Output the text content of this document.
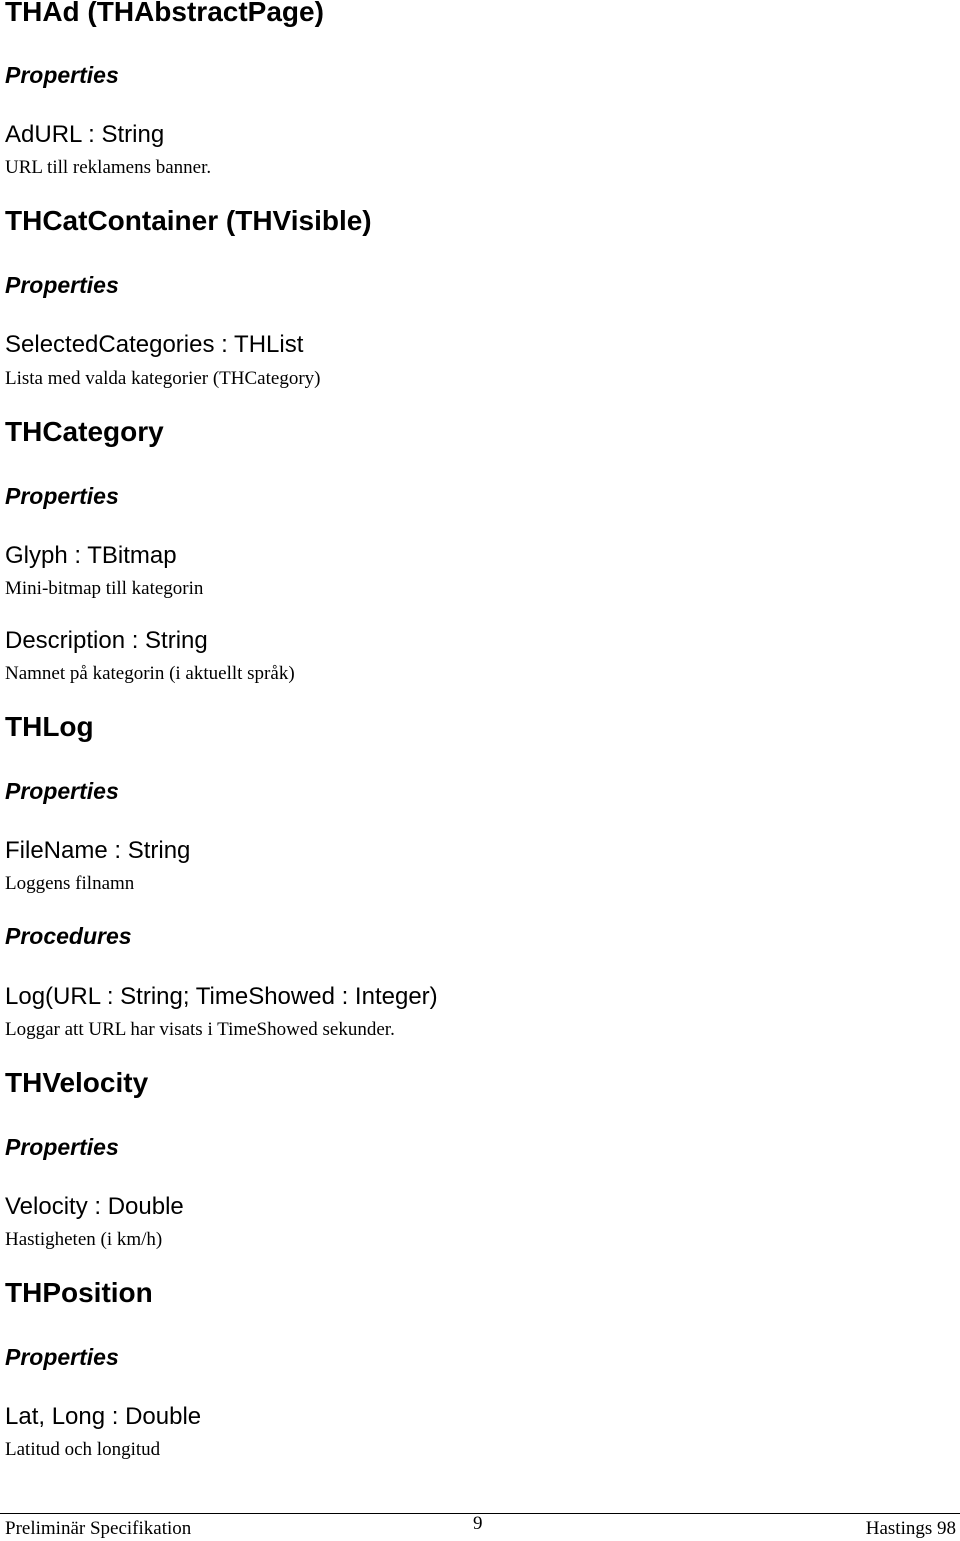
THAd (THAbstractPage)
Properties
AdURL : String
URL till reklamens banner.
THCatContainer (THVisible)
Properties
SelectedCategories : THList
Lista med valda kategorier (THCategory)
THCategory
Properties
Glyph : TBitmap
Mini-bitmap till kategorin
Description : String
Namnet på kategorin (i aktuellt språk)
THLog
Properties
FileName : String
Loggens filnamn
Procedures
Log(URL : String; TimeShowed : Integer)
Loggar att URL har visats i TimeShowed sekunder.
THVelocity
Properties
Velocity : Double
Hastigheten (i km/h)
THPosition
Properties
Lat, Long : Double
Latitud och longitud
Preliminär Specifikation	9	Hastings 98
